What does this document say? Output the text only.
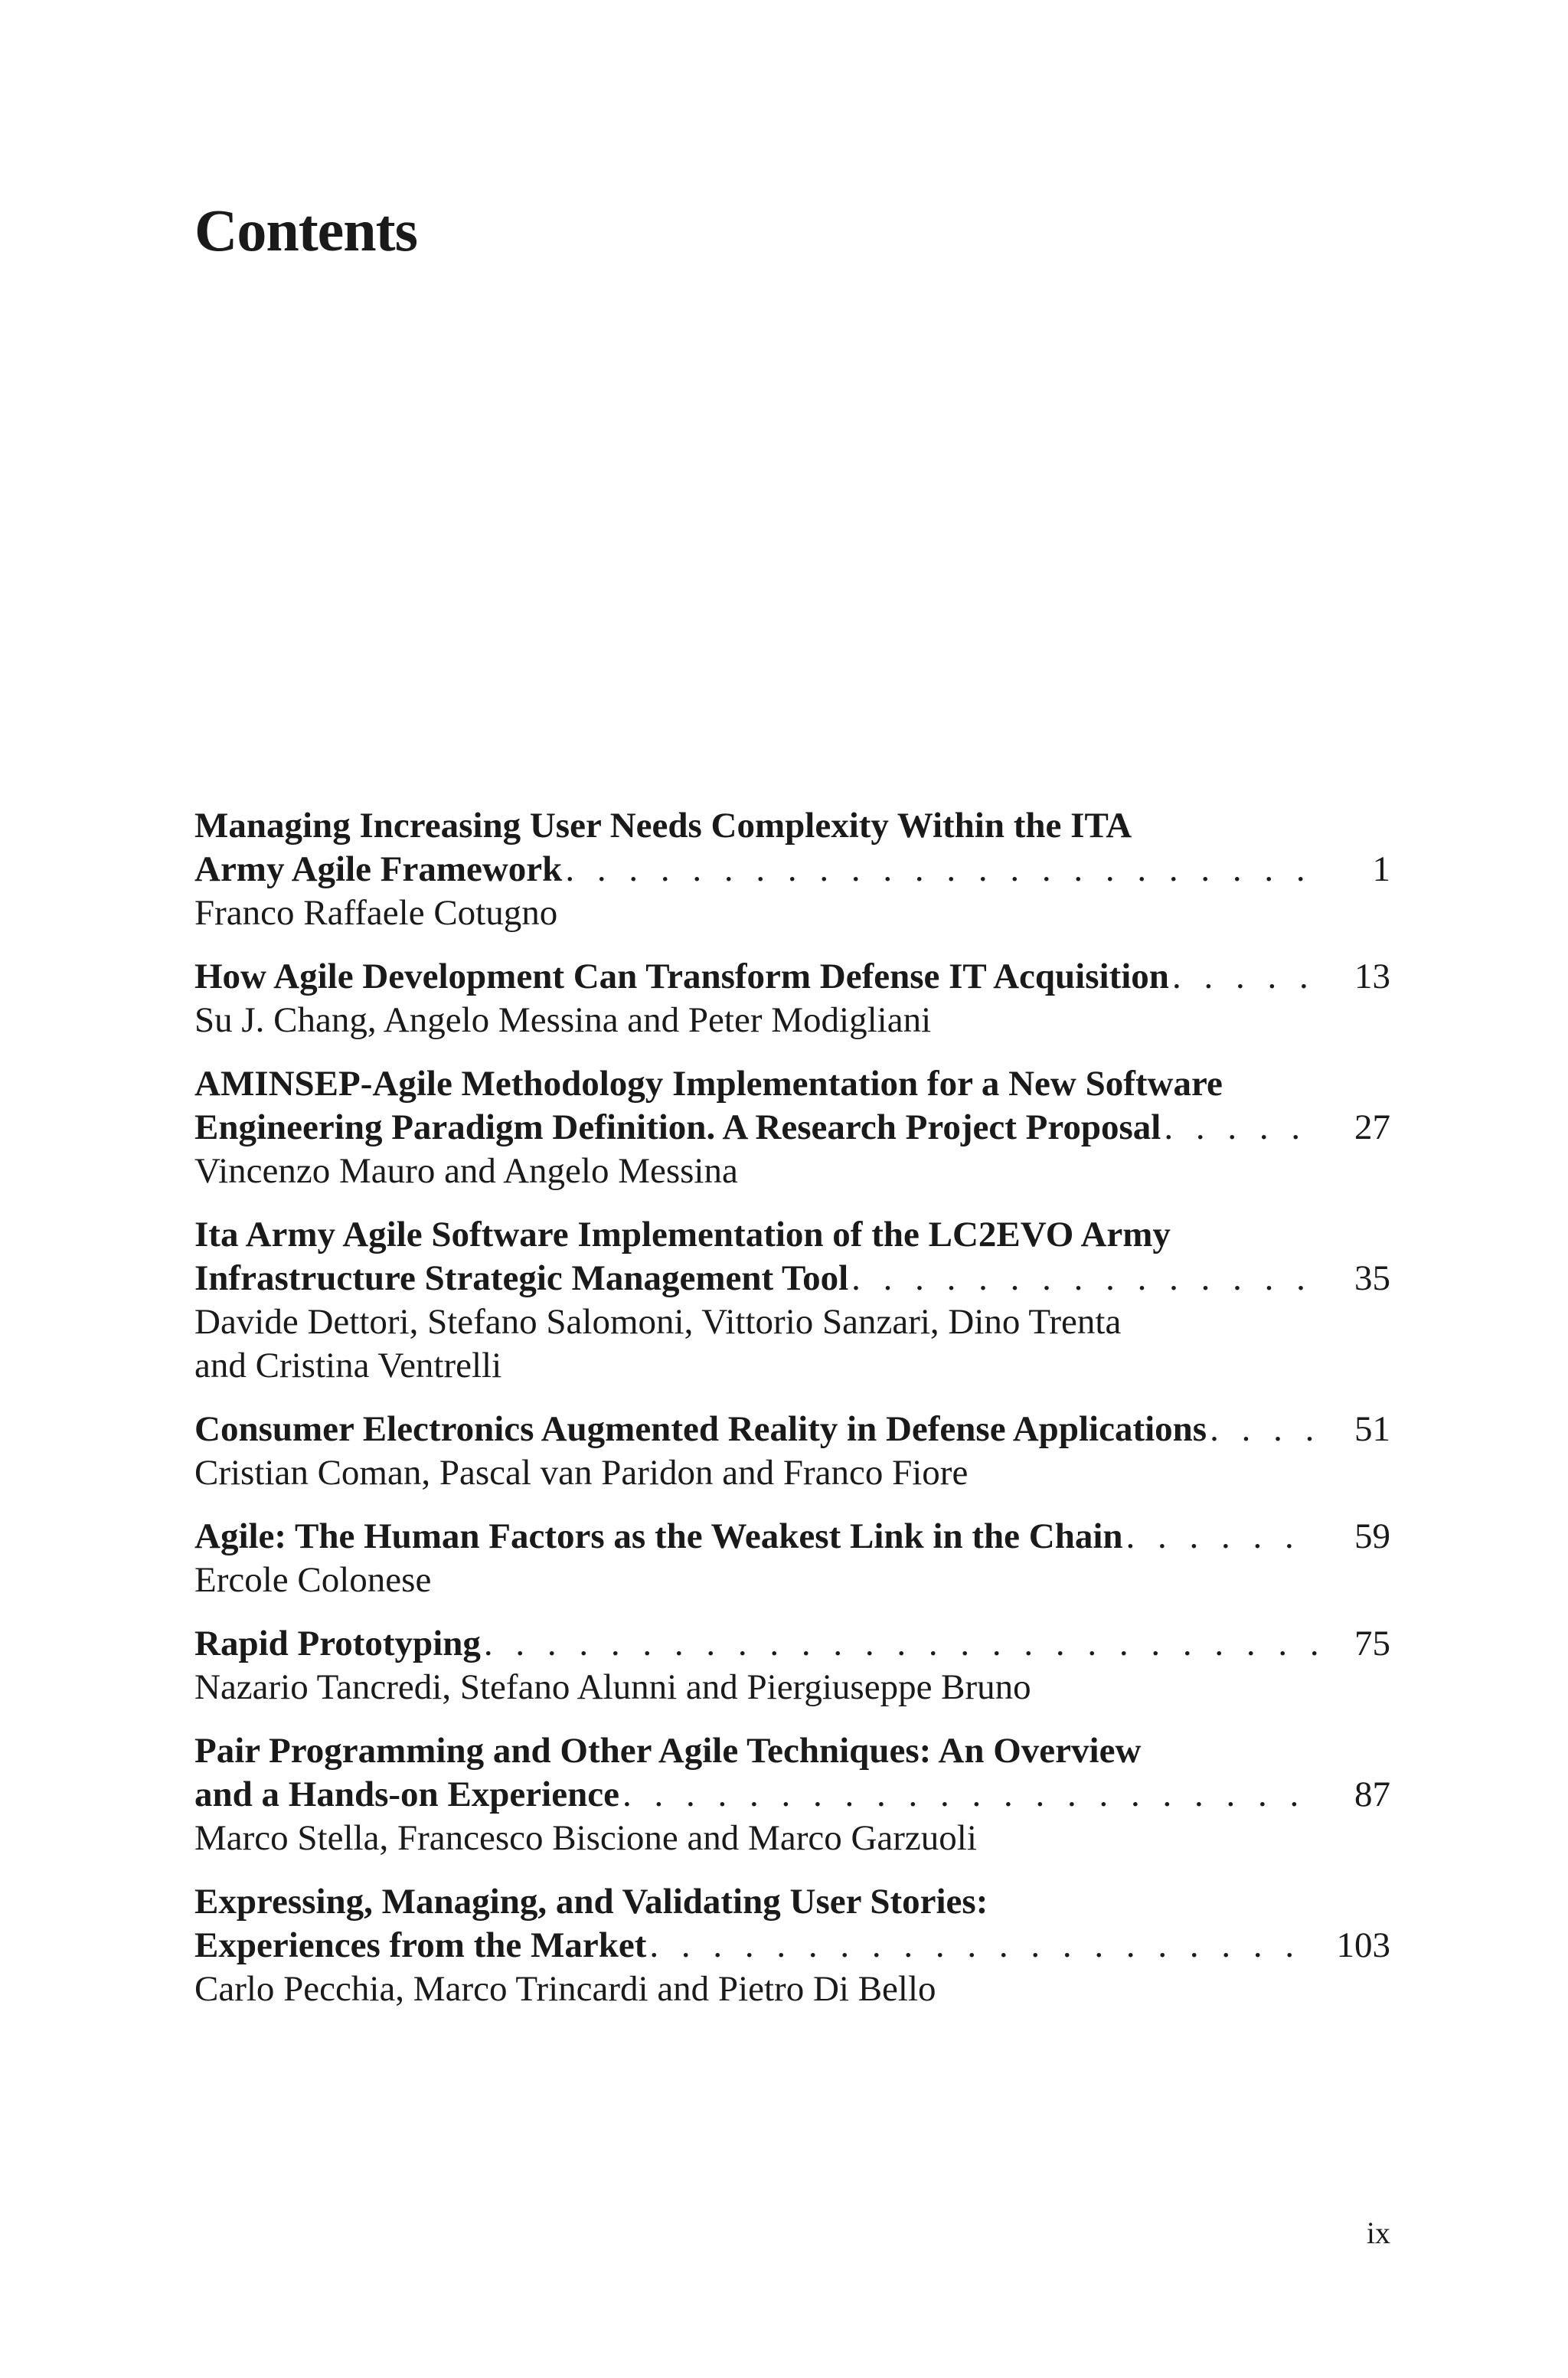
Contents
Managing Increasing User Needs Complexity Within the ITA
Army Agile Framework . . .	1
Franco Raffaele Cotugno
How Agile Development Can Transform Defense IT Acquisition . . .	13
Su J. Chang, Angelo Messina and Peter Modigliani
AMINSEP-Agile Methodology Implementation for a New Software
Engineering Paradigm Definition. A Research Project Proposal . . .	27
Vincenzo Mauro and Angelo Messina
Ita Army Agile Software Implementation of the LC2EVO Army
Infrastructure Strategic Management Tool . . .	35
Davide Dettori, Stefano Salomoni, Vittorio Sanzari, Dino Trenta
and Cristina Ventrelli
Consumer Electronics Augmented Reality in Defense Applications . . .	51
Cristian Coman, Pascal van Paridon and Franco Fiore
Agile: The Human Factors as the Weakest Link in the Chain . . .	59
Ercole Colonese
Rapid Prototyping . . .	75
Nazario Tancredi, Stefano Alunni and Piergiuseppe Bruno
Pair Programming and Other Agile Techniques: An Overview
and a Hands-on Experience . . .	87
Marco Stella, Francesco Biscione and Marco Garzuoli
Expressing, Managing, and Validating User Stories:
Experiences from the Market . . .	103
Carlo Pecchia, Marco Trincardi and Pietro Di Bello
ix
